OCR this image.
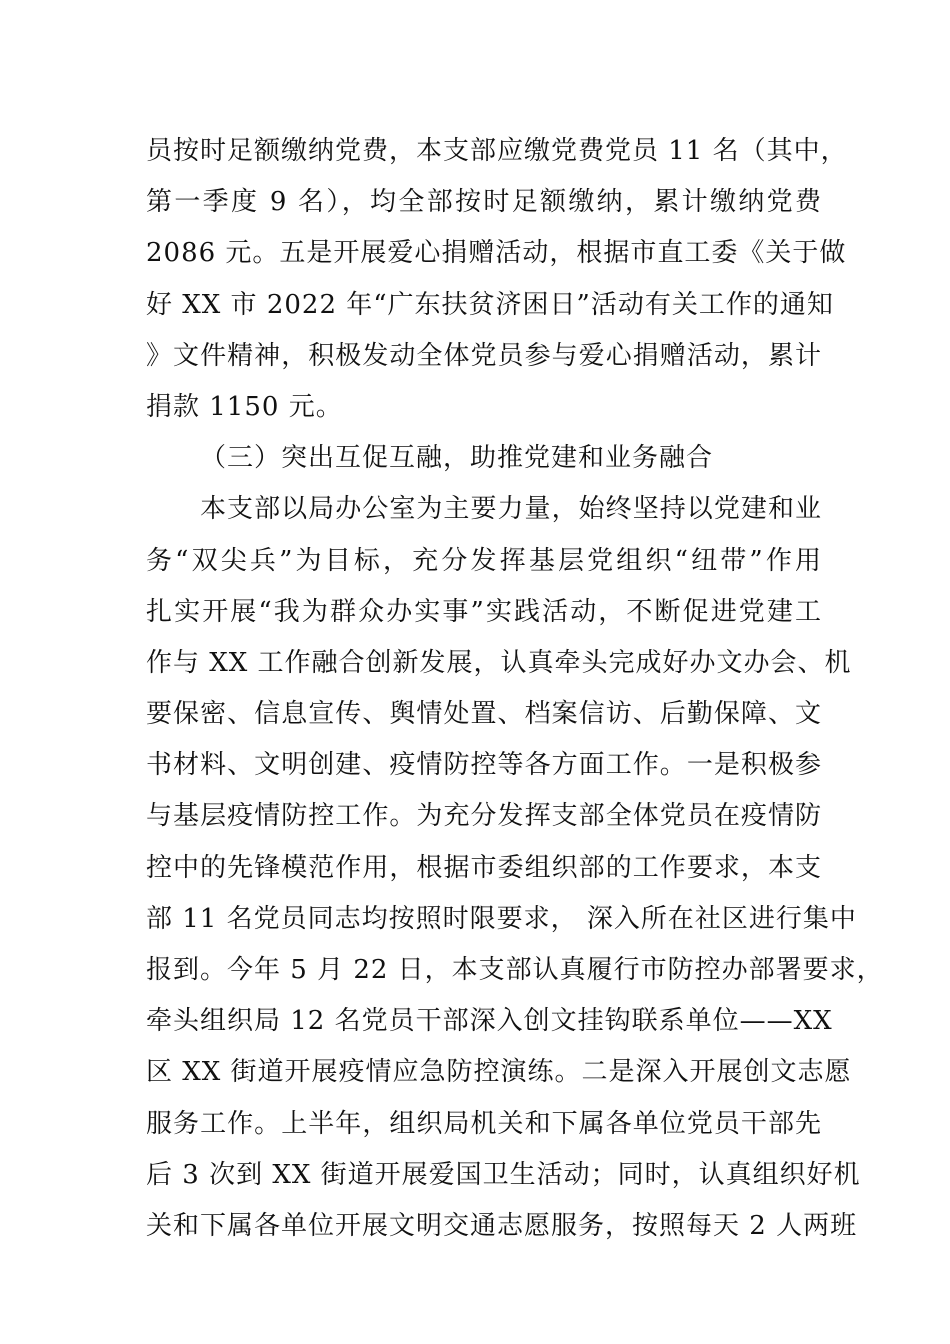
员按时足额缴纳党费，本支部应缴党费党员 11 名（其中，
第一季度 9 名），均全部按时足额缴纳，累计缴纳党费
2086 元。五是开展爱心捐赠活动，根据市直工委《关于做
好 XX 市 2022 年“广东扶贫济困日”活动有关工作的通知
》文件精神，积极发动全体党员参与爱心捐赠活动，累计
捐款 1150 元。
（三）突出互促互融，助推党建和业务融合
本支部以局办公室为主要力量，始终坚持以党建和业
务“双尖兵”为目标，充分发挥基层党组织“纽带”作用
扎实开展“我为群众办实事”实践活动，不断促进党建工
作与 XX 工作融合创新发展，认真牵头完成好办文办会、机
要保密、信息宣传、舆情处置、档案信访、后勤保障、文
书材料、文明创建、疫情防控等各方面工作。一是积极参
与基层疫情防控工作。为充分发挥支部全体党员在疫情防
控中的先锋模范作用，根据市委组织部的工作要求，本支
部 11 名党员同志均按照时限要求， 深入所在社区进行集中
报到。今年 5 月 22 日，本支部认真履行市防控办部署要求，
牵头组织局 12 名党员干部深入创文挂钩联系单位——XX
区 XX 街道开展疫情应急防控演练。二是深入开展创文志愿
服务工作。上半年，组织局机关和下属各单位党员干部先
后 3 次到 XX 街道开展爱国卫生活动；同时，认真组织好机
关和下属各单位开展文明交通志愿服务，按照每天 2 人两班
